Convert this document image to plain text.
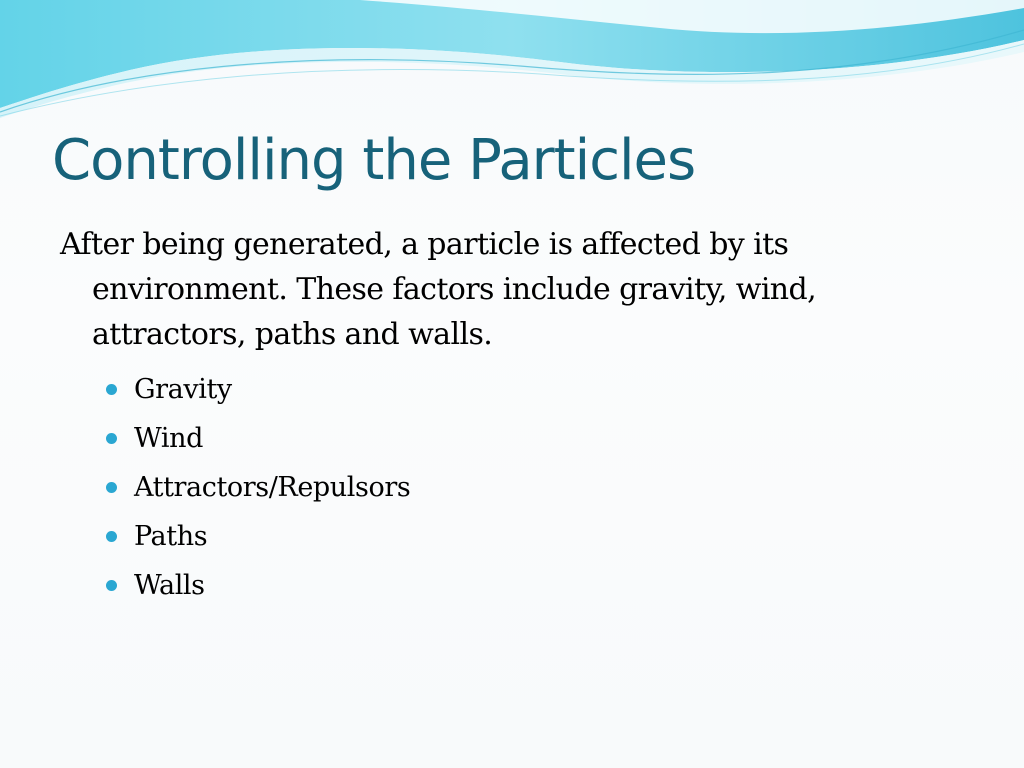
Controlling the Particles

After being generated, a particle is affected by its environment. These factors include gravity, wind, attractors, paths and walls.

Gravity
Wind
Attractors/Repulsors
Paths
Walls
